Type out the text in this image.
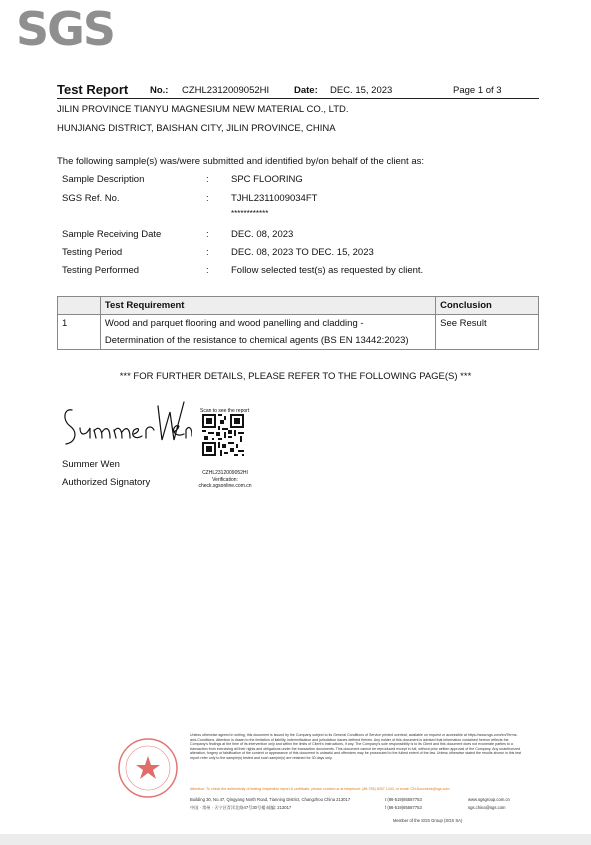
SGS
Test Report No.: CZHL2312009052HI	Date: DEC. 15, 2023	Page 1 of 3
JILIN PROVINCE TIANYU MAGNESIUM NEW MATERIAL CO., LTD.
HUNJIANG DISTRICT, BAISHAN CITY, JILIN PROVINCE, CHINA
The following sample(s) was/were submitted and identified by/on behalf of the client as:
Sample Description	: SPC FLOORING
SGS Ref. No.	: TJHL2311009034FT
************
Sample Receiving Date	: DEC. 08, 2023
Testing Period	: DEC. 08, 2023 TO DEC. 15, 2023
Testing Performed	: Follow selected test(s) as requested by client.
	Test Requirement	Conclusion
1	Wood and parquet flooring and wood panelling and cladding -	See Result
	Determination of the resistance to chemical agents (BS EN 13442:2023)	
*** FOR FURTHER DETAILS, PLEASE REFER TO THE FOLLOWING PAGE(S) ***
Summer Wen
Authorized Signatory
Scan to see the report
CZHL2312009052HI
Verification:
check.sgsonline.com.cn
Unless otherwise agreed in writing, this document is issued by the Company subject to its General Conditions of Service printed overleaf, available on request or accessible at https://www.sgs.com/en/Terms-and-Conditions. Attention is drawn to the limitation of liability, indemnification and jurisdiction issues defined therein. Any holder of this document is advised that information contained hereon reflects the Company's findings at the time of its intervention only and within the limits of Client's instructions, if any. The Company's sole responsibility is to its Client and this document does not exonerate parties to a transaction from exercising all their rights and obligations under the transaction documents. This document cannot be reproduced except in full, without prior written approval of the Company. Any unauthorized alteration, forgery or falsification of the content or appearance of this document is unlawful and offenders may be prosecuted to the fullest extent of the law. Unless otherwise stated the results shown in this test report refer only to the sample(s) tested and such sample(s) are retained for 30 days only.
Attention: To check the authenticity of testing /inspection report & certificate, please contact us at telephone: (86-755) 8307 1443, or email: CN.Doccheck@sgs.com
Building 30, No.47, Qingyang North Road, Tianning District, Changzhou China 213017
中国 · 常州 · 天宁区青洋北路47号30号楼 邮编: 213017
t (86-519)85587753
f (86-519)85587753
www.sgsgroup.com.cn
sgs.china@sgs.com
Member of the SGS Group (SGS SA)
